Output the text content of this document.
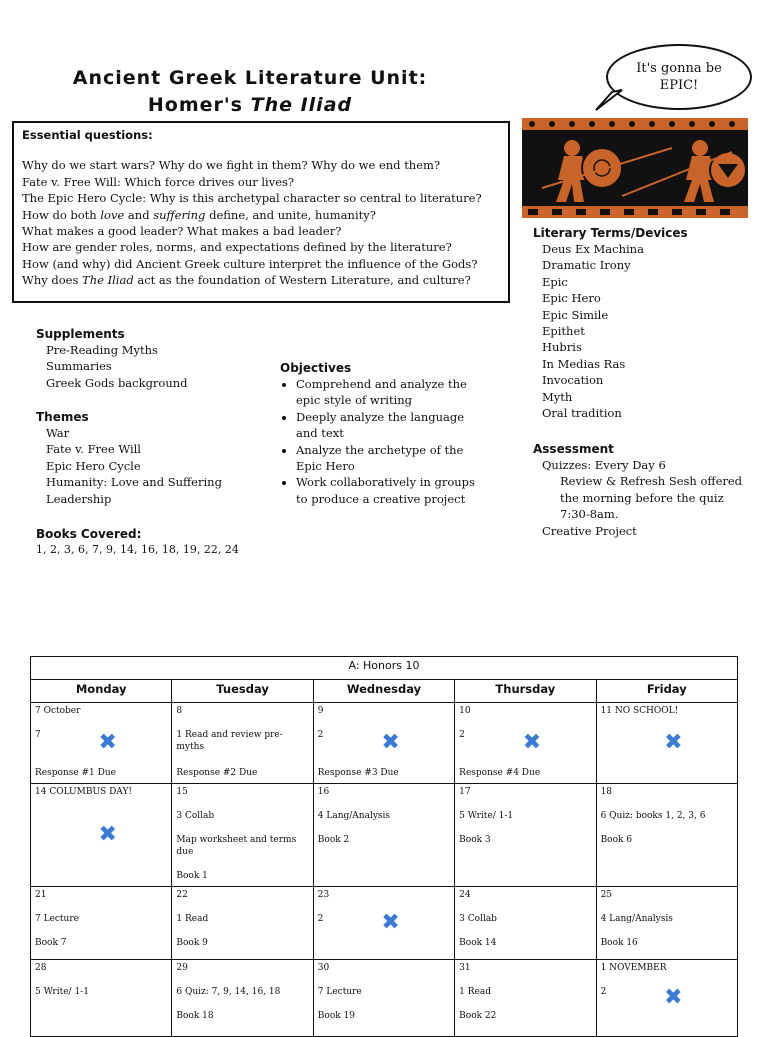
Ancient Greek Literature Unit:
Homer's The Iliad
It's gonna be EPIC!
Essential questions:
Why do we start wars? Why do we fight in them? Why do we end them?
Fate v. Free Will: Which force drives our lives?
The Epic Hero Cycle: Why is this archetypal character so central to literature?
How do both love and suffering define, and unite, humanity?
What makes a good leader? What makes a bad leader?
How are gender roles, norms, and expectations defined by the literature?
How (and why) did Ancient Greek culture interpret the influence of the Gods?
Why does The Iliad act as the foundation of Western Literature, and culture?
Supplements
Pre-Reading Myths
Summaries
Greek Gods background
Themes
War
Fate v. Free Will
Epic Hero Cycle
Humanity: Love and Suffering
Leadership
Books Covered:
1, 2, 3, 6, 7, 9, 14, 16, 18, 19, 22, 24
Objectives
• Comprehend and analyze the epic style of writing
• Deeply analyze the language and text
• Analyze the archetype of the Epic Hero
• Work collaboratively in groups to produce a creative project
Literary Terms/Devices
Deus Ex Machina
Dramatic Irony
Epic
Epic Hero
Epic Simile
Epithet
Hubris
In Medias Ras
Invocation
Myth
Oral tradition
Assessment
Quizzes: Every Day 6
Review & Refresh Sesh offered the morning before the quiz 7:30-8am.
Creative Project
A: Honors 10				
Monday	Tuesday	Wednesday	Thursday	Friday

7 October
7
Response #1 Due
✖	8
1 Read and review pre-myths
Response #2 Due	9
2
Response #3 Due
✖	10
2
Response #4 Due
✖	11 NO SCHOOL!
✖

14 COLUMBUS DAY!
✖	15
3 Collab
Map worksheet and terms due
Book 1	16
4 Lang/Analysis
Book 2	17
5 Write/ 1-1
Book 3	18
6 Quiz: books 1, 2, 3, 6
Book 6

21
7 Lecture
Book 7	22
1 Read
Book 9	23
2 ✖	24
3 Collab
Book 14	25
4 Lang/Analysis
Book 16

28
5 Write/ 1-1	29
6 Quiz: 7, 9, 14, 16, 18
Book 18	30
7 Lecture
Book 19	31
1 Read
Book 22	1 NOVEMBER
2 ✖
